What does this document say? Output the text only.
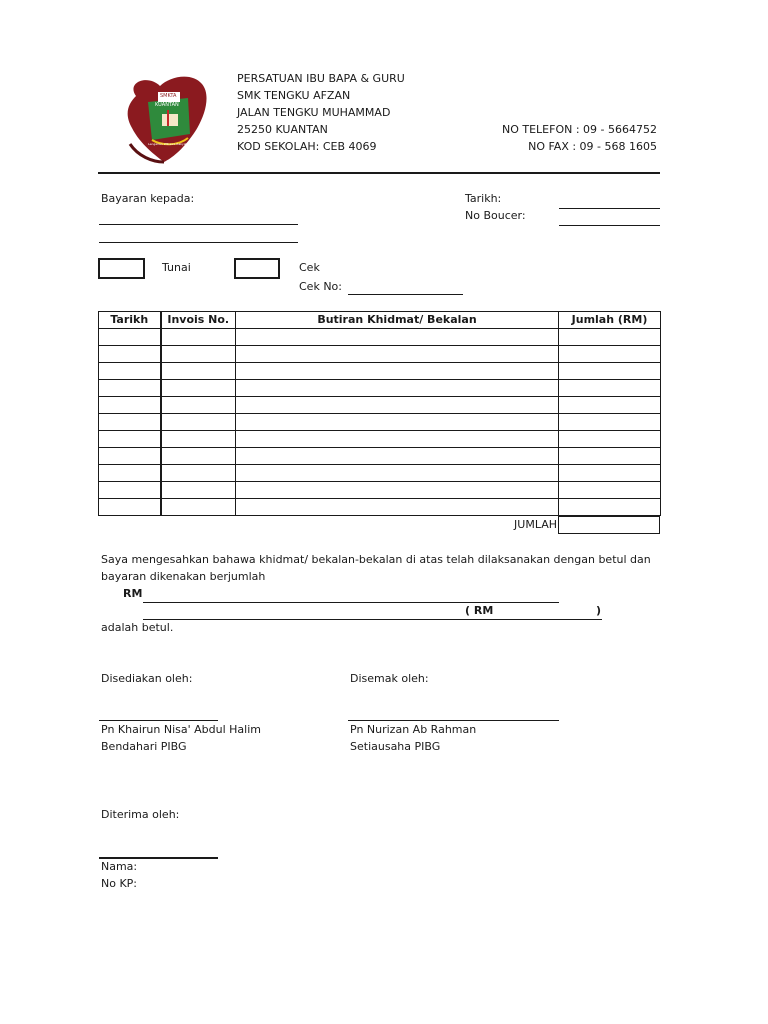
SMKTA
KUANTAN
Lenganan Wibawa Rakyat dan Wanita
PERSATUAN IBU BAPA & GURU
SMK TENGKU AFZAN
JALAN TENGKU MUHAMMAD
25250 KUANTAN
KOD SEKOLAH: CEB 4069
NO TELEFON : 09 - 5664752
NO FAX : 09 - 568 1605
Bayaran kepada:	Tarikh:
No Boucer:
Tunai	Cek
Cek No:
Tarikh	Invois No.	Butiran Khidmat/ Bekalan	Jumlah (RM)

JUMLAH
Saya mengesahkan bahawa khidmat/ bekalan-bekalan di atas telah dilaksanakan dengan betul dan
bayaran dikenakan berjumlah
RM
( RM	)
adalah betul.
Disediakan oleh:	Disemak oleh:
Pn Khairun Nisa' Abdul Halim
Bendahari PIBG
Pn Nurizan Ab Rahman
Setiausaha PIBG
Diterima oleh:
Nama:
No KP:
